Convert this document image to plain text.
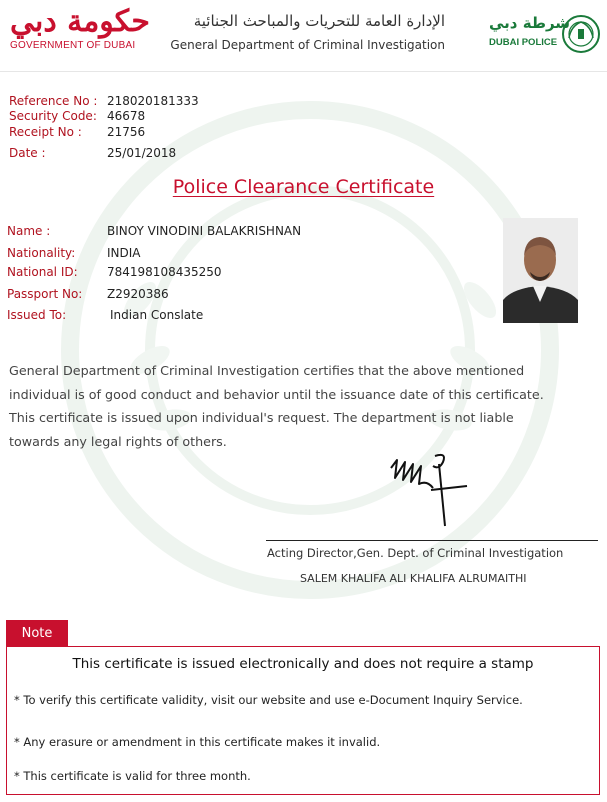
حكومة دبي
GOVERNMENT OF DUBAI
الإدارة العامة للتحريات والمباحث الجنائية
General Department of Criminal Investigation
شرطة دبي
DUBAI POLICE
Reference No : 218020181333
Security Code: 46678
Receipt No : 21756
Date :	25/01/2018
Police Clearance Certificate
Name :	BINOY VINODINI BALAKRISHNAN
Nationality:	INDIA
National ID: 784198108435250
Passport No: Z2920386
Issued To:	Indian Conslate
General Department of Criminal Investigation certifies that the above mentioned
individual is of good conduct and behavior until the issuance date of this certificate.
This certificate is issued upon individual's request. The department is not liable
towards any legal rights of others.
Acting Director,Gen. Dept. of Criminal Investigation
SALEM KHALIFA ALI KHALIFA ALRUMAITHI
Note
This certificate is issued electronically and does not require a stamp
* To verify this certificate validity, visit our website and use e-Document Inquiry Service.
* Any erasure or amendment in this certificate makes it invalid.
* This certificate is valid for three month.
